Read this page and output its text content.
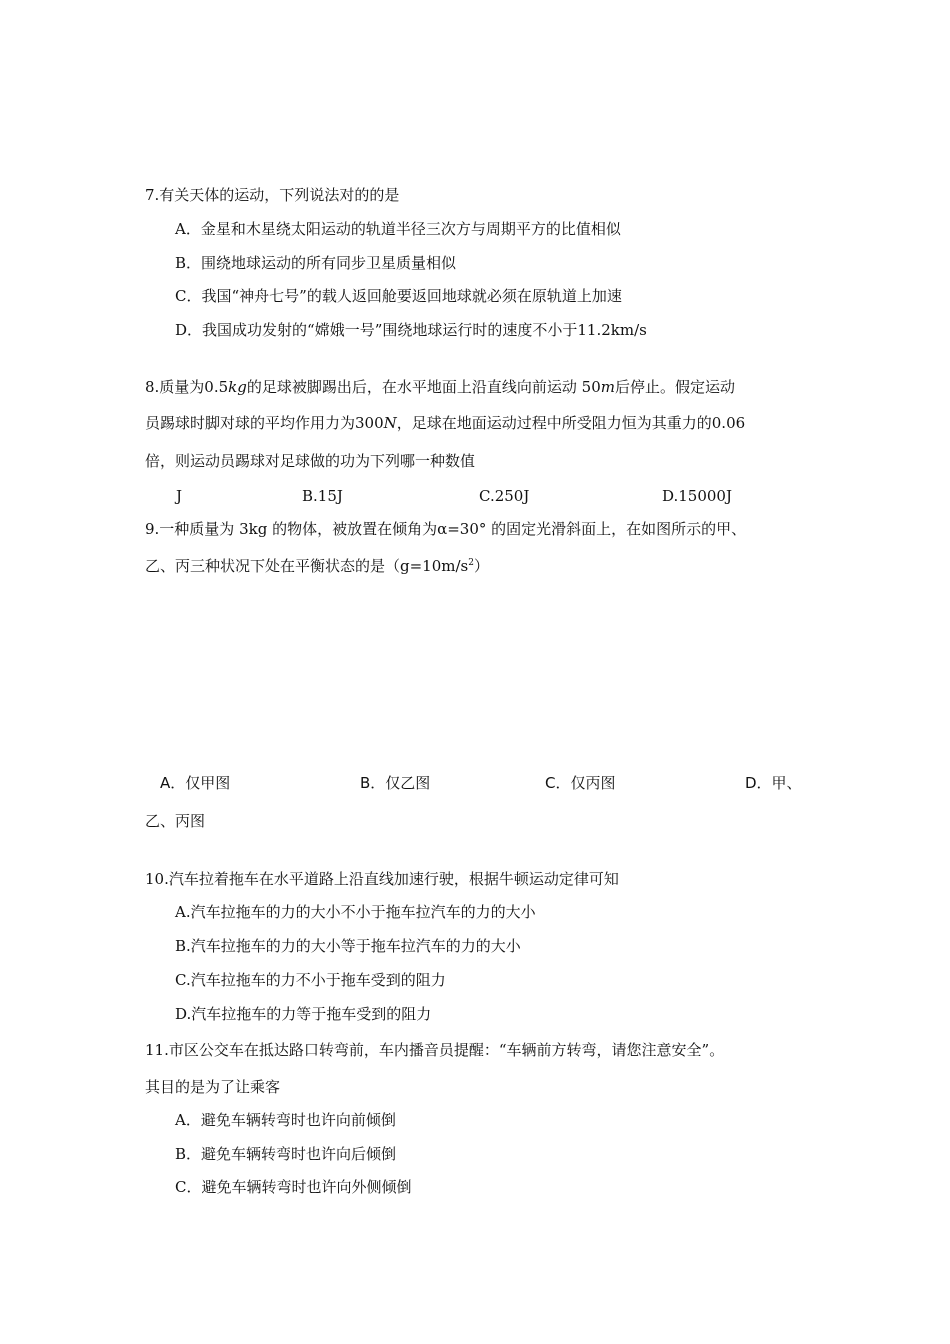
7.有关天体的运动，下列说法对的的是
A．金星和木星绕太阳运动的轨道半径三次方与周期平方的比值相似
B．围绕地球运动的所有同步卫星质量相似
C．我国“神舟七号”的载人返回舱要返回地球就必须在原轨道上加速
D．我国成功发射的“嫦娥一号”围绕地球运行时的速度不小于11.2km/s
8.质量为0.5kg的足球被脚踢出后，在水平地面上沿直线向前运动 50m后停止。假定运动
员踢球时脚对球的平均作用力为300N，足球在地面运动过程中所受阻力恒为其重力的0.06
倍，则运动员踢球对足球做的功为下列哪一种数值
J	B.15J	C.250J	D.15000J
9.一种质量为 3kg 的物体，被放置在倾角为α=30° 的固定光滑斜面上，在如图所示的甲、
乙、丙三种状况下处在平衡状态的是$(g=10m/s^2)$
A．仅甲图	B．仅乙图	C．仅丙图	D．甲、
乙、丙图
10.汽车拉着拖车在水平道路上沿直线加速行驶，根据牛顿运动定律可知
A.汽车拉拖车的力的大小不小于拖车拉汽车的力的大小
B.汽车拉拖车的力的大小等于拖车拉汽车的力的大小
C.汽车拉拖车的力不小于拖车受到的阻力
D.汽车拉拖车的力等于拖车受到的阻力
11.市区公交车在抵达路口转弯前，车内播音员提醒：“车辆前方转弯，请您注意安全”。
其目的是为了让乘客
A．避免车辆转弯时也许向前倾倒
B．避免车辆转弯时也许向后倾倒
C．避免车辆转弯时也许向外侧倾倒
